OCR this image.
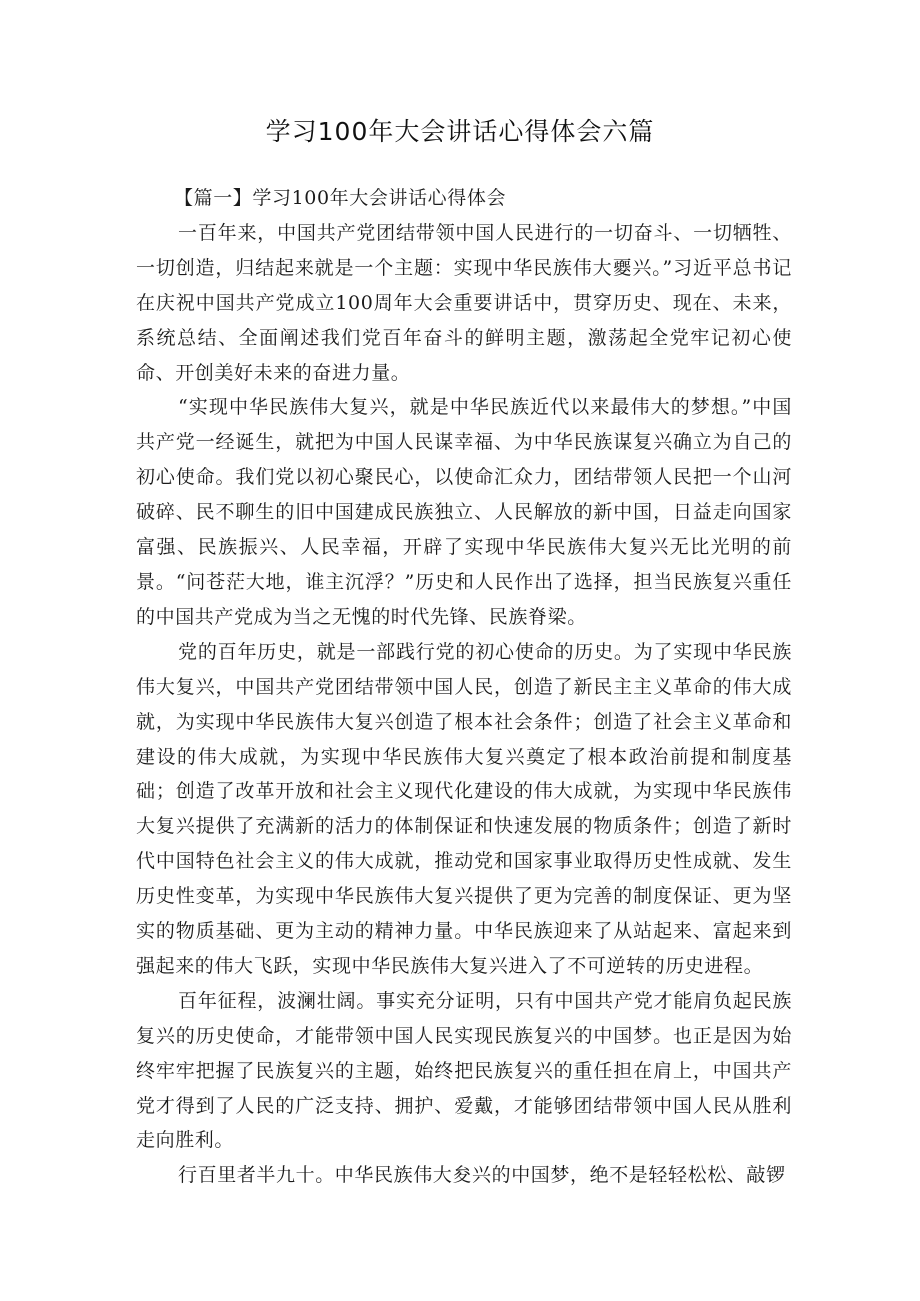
学习100年大会讲话心得体会六篇

【篇一】学习100年大会讲话心得体会

一百年来，中国共产党团结带领中国人民进行的一切奋斗、一切牺牲、一切创造，归结起来就是一个主题：实现中华民族伟大夒兴。”习近平总书记在庆祝中国共产党成立100周年大会重要讲话中，贯穿历史、现在、未来，系统总结、全面阐述我们党百年奋斗的鲜明主题，激荡起全党牢记初心使命、开创美好未来的奋进力量。

“实现中华民族伟大复兴，就是中华民族近代以来最伟大的梦想。”中国共产党一经诞生，就把为中国人民谋幸福、为中华民族谋复兴确立为自己的初心使命。我们党以初心聚民心，以使命汇众力，团结带领人民把一个山河破碎、民不聊生的旧中国建成民族独立、人民解放的新中国，日益走向国家富强、民族振兴、人民幸福，开辟了实现中华民族伟大复兴无比光明的前景。“问苍茫大地，谁主沉浮？”历史和人民作出了选择，担当民族复兴重任的中国共产党成为当之无愧的时代先锋、民族脊梁。

党的百年历史，就是一部践行党的初心使命的历史。为了实现中华民族伟大复兴，中国共产党团结带领中国人民，创造了新民主主义革命的伟大成就，为实现中华民族伟大复兴创造了根本社会条件；创造了社会主义革命和建设的伟大成就，为实现中华民族伟大复兴奠定了根本政治前提和制度基础；创造了改革开放和社会主义现代化建设的伟大成就，为实现中华民族伟大复兴提供了充满新的活力的体制保证和快速发展的物质条件；创造了新时代中国特色社会主义的伟大成就，推动党和国家事业取得历史性成就、发生历史性变革，为实现中华民族伟大复兴提供了更为完善的制度保证、更为坚实的物质基础、更为主动的精神力量。中华民族迎来了从站起来、富起来到强起来的伟大飞跃，实现中华民族伟大复兴进入了不可逆转的历史进程。

百年征程，波澜壮阔。事实充分证明，只有中国共产党才能肩负起民族复兴的历史使命，才能带领中国人民实现民族复兴的中国梦。也正是因为始终牢牢把握了民族复兴的主题，始终把民族复兴的重任担在肩上，中国共产党才得到了人民的广泛支持、拥护、爱戴，才能够团结带领中国人民从胜利走向胜利。

行百里者半九十。中华民族伟大夋兴的中国梦，绝不是轻轻松松、敲锣
